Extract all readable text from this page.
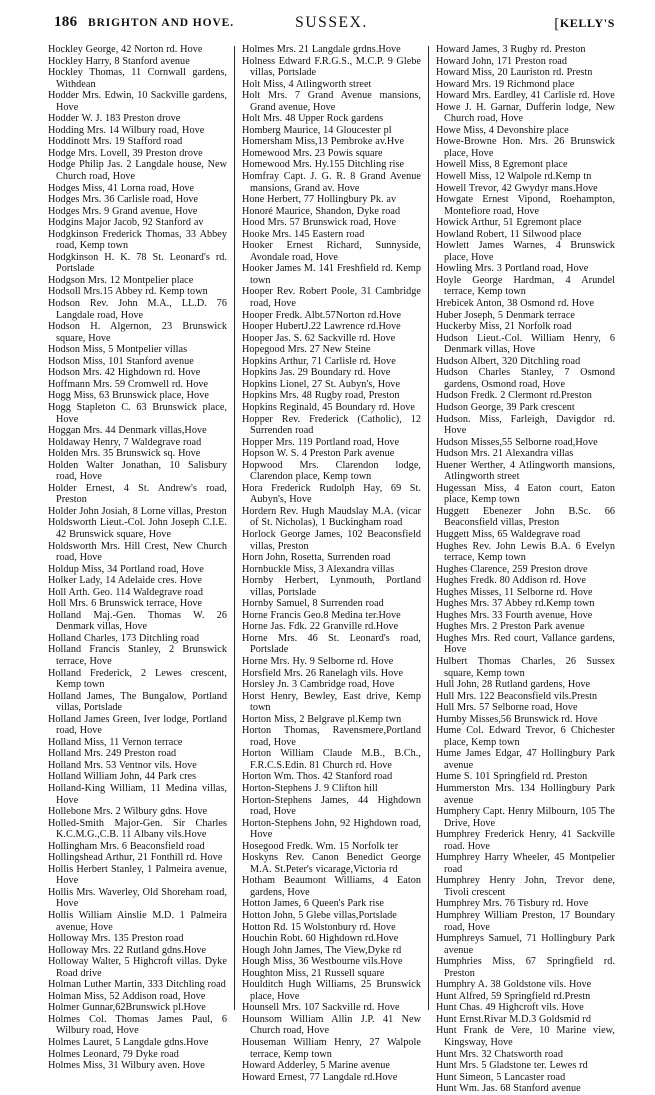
186 BRIGHTON AND HOVE.	SUSSEX.	[KELLY'S

Hockley George, 42 Norton rd. Hove

Hockley Harry, 8 Stanford avenue

Hockley Thomas, 11 Cornwall gardens, Withdean

Hodder Mrs. Edwin, 10 Sackville gardens, Hove

Hodder W. J. 183 Preston drove

Hodding Mrs. 14 Wilbury road, Hove

Hoddinott Mrs. 19 Stafford road

Hodge Mrs. Lovell, 39 Preston drove

Hodge Philip Jas. 2 Langdale house, New Church road, Hove

Hodges Miss, 41 Lorna road, Hove

Hodges Mrs. 36 Carlisle road, Hove

Hodges Mrs. 9 Grand avenue, Hove

Hodgins Major Jacob, 92 Stanford av

Hodgkinson Frederick Thomas, 33 Abbey road, Kemp town

Hodgkinson H. K. 78 St. Leonard's rd. Portslade

Hodgson Mrs. 12 Montpelier place

Hodsoll Mrs.15 Abbey rd. Kemp town

Hodson Rev. John M.A., LL.D. 76 Langdale road, Hove

Hodson H. Algernon, 23 Brunswick square, Hove

Hodson Miss, 5 Montpelier villas

Hodson Miss, 101 Stanford avenue

Hodson Mrs. 42 Highdown rd. Hove

Hoffmann Mrs. 59 Cromwell rd. Hove

Hogg Miss, 63 Brunswick place, Hove

Hogg Stapleton C. 63 Brunswick place, Hove

Hoggan Mrs. 44 Denmark villas,Hove

Holdaway Henry, 7 Waldegrave road

Holden Mrs. 35 Brunswick sq. Hove

Holden Walter Jonathan, 10 Salisbury road, Hove

Holder Ernest, 4 St. Andrew's road, Preston

Holder John Josiah, 8 Lorne villas, Preston

Holdsworth Lieut.-Col. John Joseph C.I.E. 42 Brunswick square, Hove

Holdsworth Mrs. Hill Crest, New Church road, Hove

Holdup Miss, 34 Portland road, Hove

Holker Lady, 14 Adelaide cres. Hove

Holl Arth. Geo. 114 Waldegrave road

Holl Mrs. 6 Brunswick terrace, Hove

Holland Maj.-Gen. Thomas W. 26 Denmark villas, Hove

Holland Charles, 173 Ditchling road

Holland Francis Stanley, 2 Brunswick terrace, Hove

Holland Frederick, 2 Lewes crescent, Kemp town

Holland James, The Bungalow, Portland villas, Portslade

Holland James Green, Iver lodge, Portland road, Hove

Holland Miss, 11 Vernon terrace

Holland Mrs. 249 Preston road

Holland Mrs. 53 Ventnor vils. Hove

Holland William John, 44 Park cres

Holland-King William, 11 Medina villas, Hove

Hollebone Mrs. 2 Wilbury gdns. Hove

Holled-Smith Major-Gen. Sir Charles K.C.M.G.,C.B. 11 Albany vils.Hove

Hollingham Mrs. 6 Beaconsfield road

Hollingshead Arthur, 21 Fonthill rd. Hove

Hollis Herbert Stanley, 1 Palmeira avenue, Hove

Hollis Mrs. Waverley, Old Shoreham road, Hove

Hollis William Ainslie M.D. 1 Palmeira avenue, Hove

Holloway Mrs. 135 Preston road

Holloway Mrs. 22 Rutland gdns.Hove

Holloway Walter, 5 Highcroft villas. Dyke Road drive

Holman Luther Martin, 333 Ditchling road

Holman Miss, 52 Addison road, Hove

Holmer Gunnar,62Brunswick pl.Hove

Holmes Col. Thomas James Paul, 6 Wilbury road, Hove

Holmes Lauret, 5 Langdale gdns.Hove

Holmes Leonard, 79 Dyke road

Holmes Miss, 31 Wilbury aven. Hove

Holmes Mrs. 21 Langdale grdns.Hove

Holness Edward F.R.G.S., M.C.P. 9 Glebe villas, Portslade

Holt Miss, 4 Atlingworth street

Holt Mrs. 7 Grand Avenue mansions, Grand avenue, Hove

Holt Mrs. 48 Upper Rock gardens

Homberg Maurice, 14 Gloucester pl

Homersham Miss,13 Pembroke av.Hve

Homewood Mrs. 23 Powis square

Homewood Mrs. Hy.155 Ditchling rise

Homfray Capt. J. G. R. 8 Grand Avenue mansions, Grand av. Hove

Hone Herbert, 77 Hollingbury Pk. av

Honoré Maurice, Shandon, Dyke road

Hood Mrs. 57 Brunswick road, Hove

Hooke Mrs. 145 Eastern road

Hooker Ernest Richard, Sunnyside, Avondale road, Hove

Hooker James M. 141 Freshfield rd. Kemp town

Hooper Rev. Robert Poole, 31 Cambridge road, Hove

Hooper Fredk. Albt.57Norton rd.Hove

Hooper HubertJ.22 Lawrence rd.Hove

Hooper Jas. S. 62 Sackville rd. Hove

Hopegood Mrs. 27 New Steine

Hopkins Arthur, 71 Carlisle rd. Hove

Hopkins Jas. 29 Boundary rd. Hove

Hopkins Lionel, 27 St. Aubyn's, Hove

Hopkins Mrs. 48 Rugby road, Preston

Hopkins Reginald, 45 Boundary rd. Hove

Hopper Rev. Frederick (Catholic), 12 Surrenden road

Hopper Mrs. 119 Portland road, Hove

Hopson W. S. 4 Preston Park avenue

Hopwood Mrs. Clarendon lodge, Clarendon place, Kemp town

Hora Frederick Rudolph Hay, 69 St. Aubyn's, Hove

Hordern Rev. Hugh Maudslay M.A. (vicar of St. Nicholas), 1 Buckingham road

Horlock George James, 102 Beaconsfield villas, Preston

Horn John, Rosetta, Surrenden road

Hornbuckle Miss, 3 Alexandra villas

Hornby Herbert, Lynmouth, Portland villas, Portslade

Hornby Samuel, 8 Surrenden road

Horne Francis Geo.8 Medina ter.Hove

Horne Jas. Fdk. 22 Granville rd.Hove

Horne Mrs. 46 St. Leonard's road, Portslade

Horne Mrs. Hy. 9 Selborne rd. Hove

Horsfield Mrs. 26 Ranelagh vils. Hove

Horsley Jn. 3 Cambridge road, Hove

Horst Henry, Bewley, East drive, Kemp town

Horton Miss, 2 Belgrave pl.Kemp twn

Horton Thomas, Ravensmere,Portland road, Hove

Horton William Claude M.B., B.Ch., F.R.C.S.Edin. 81 Church rd. Hove

Horton Wm. Thos. 42 Stanford road

Horton-Stephens J. 9 Clifton hill

Horton-Stephens James, 44 Highdown road, Hove

Horton-Stephens John, 92 Highdown road, Hove

Hosegood Fredk. Wm. 15 Norfolk ter

Hoskyns Rev. Canon Benedict George M.A. St.Peter's vicarage,Victoria rd

Hotham Beaumont Williams, 4 Eaton gardens, Hove

Hotton James, 6 Queen's Park rise

Hotton John, 5 Glebe villas,Portslade

Hotton Rd. 15 Wolstonbury rd. Hove

Houchin Robt. 60 Highdown rd.Hove

Hough John James, The View,Dyke rd

Hough Miss, 36 Westbourne vils.Hove

Houghton Miss, 21 Russell square

Houlditch Hugh Williams, 25 Brunswick place, Hove

Hounsell Mrs. 107 Sackville rd. Hove

Hounsom William Allin J.P. 41 New Church road, Hove

Houseman William Henry, 27 Walpole terrace, Kemp town

Howard Adderley, 5 Marine avenue

Howard Ernest, 77 Langdale rd.Hove

Howard James, 3 Rugby rd. Preston

Howard John, 171 Preston road

Howard Miss, 20 Lauriston rd. Prestn

Howard Mrs. 19 Richmond place

Howard Mrs. Eardley, 41 Carlisle rd. Hove

Howe J. H. Garnar, Dufferin lodge, New Church road, Hove

Howe Miss, 4 Devonshire place

Howe-Browne Hon. Mrs. 26 Brunswick place, Hove

Howell Miss, 8 Egremont place

Howell Miss, 12 Walpole rd.Kemp tn

Howell Trevor, 42 Gwydyr mans.Hove

Howgate Ernest Vipond, Roehampton, Montefiore road, Hove

Howick Arthur, 51 Egremont place

Howland Robert, 11 Silwood place

Howlett James Warnes, 4 Brunswick place, Hove

Howling Mrs. 3 Portland road, Hove

Hoyle George Hardman, 4 Arundel terrace, Kemp town

Hrebicek Anton, 38 Osmond rd. Hove

Huber Joseph, 5 Denmark terrace

Huckerby Miss, 21 Norfolk road

Hudson Lieut.-Col. William Henry, 6 Denmark villas, Hove

Hudson Albert, 320 Ditchling road

Hudson Charles Stanley, 7 Osmond gardens, Osmond road, Hove

Hudson Fredk. 2 Clermont rd.Preston

Hudson George, 39 Park crescent

Hudson. Miss, Farleigh, Davigdor rd. Hove

Hudson Misses,55 Selborne road,Hove

Hudson Mrs. 21 Alexandra villas

Huener Werther, 4 Atlingworth mansions, Atlingworth street

Hugessan Miss, 4 Eaton court, Eaton place, Kemp town

Huggett Ebenezer John B.Sc. 66 Beaconsfield villas, Preston

Huggett Miss, 65 Waldegrave road

Hughes Rev. John Lewis B.A. 6 Evelyn terrace, Kemp town

Hughes Clarence, 259 Preston drove

Hughes Fredk. 80 Addison rd. Hove

Hughes Misses, 11 Selborne rd. Hove

Hughes Mrs. 37 Abbey rd.Kemp town

Hughes Mrs. 33 Fourth avenue, Hove

Hughes Mrs. 2 Preston Park avenue

Hughes Mrs. Red court, Vallance gardens, Hove

Hulbert Thomas Charles, 26 Sussex square, Kemp town

Hull John, 28 Rutland gardens, Hove

Hull Mrs. 122 Beaconsfield vils.Prestn

Hull Mrs. 57 Selborne road, Hove

Humby Misses,56 Brunswick rd. Hove

Hume Col. Edward Trevor, 6 Chichester place, Kemp town

Hume James Edgar, 47 Hollingbury Park avenue

Hume S. 101 Springfield rd. Preston

Hummerston Mrs. 134 Hollingbury Park avenue

Humphery Capt. Henry Milbourn, 105 The Drive, Hove

Humphrey Frederick Henry, 41 Sackville road. Hove

Humphrey Harry Wheeler, 45 Montpelier road

Humphrey Henry John, Trevor dene, Tivoli crescent

Humphrey Mrs. 76 Tisbury rd. Hove

Humphrey William Preston, 17 Boundary road, Hove

Humphreys Samuel, 71 Hollingbury Park avenue

Humphries Miss, 67 Springfield rd. Preston

Humphry A. 38 Goldstone vils. Hove

Hunt Alfred, 59 Springfield rd.Prestn

Hunt Chas. 49 Highcroft vils. Hove

Hunt Ernst.Rivar M.D.3 Goldsmid rd

Hunt Frank de Vere, 10 Marine view, Kingsway, Hove

Hunt Mrs. 32 Chatsworth road

Hunt Mrs. 5 Gladstone ter. Lewes rd

Hunt Simeon, 5 Lancaster road

Hunt Wm. Jas. 68 Stanford avenue
